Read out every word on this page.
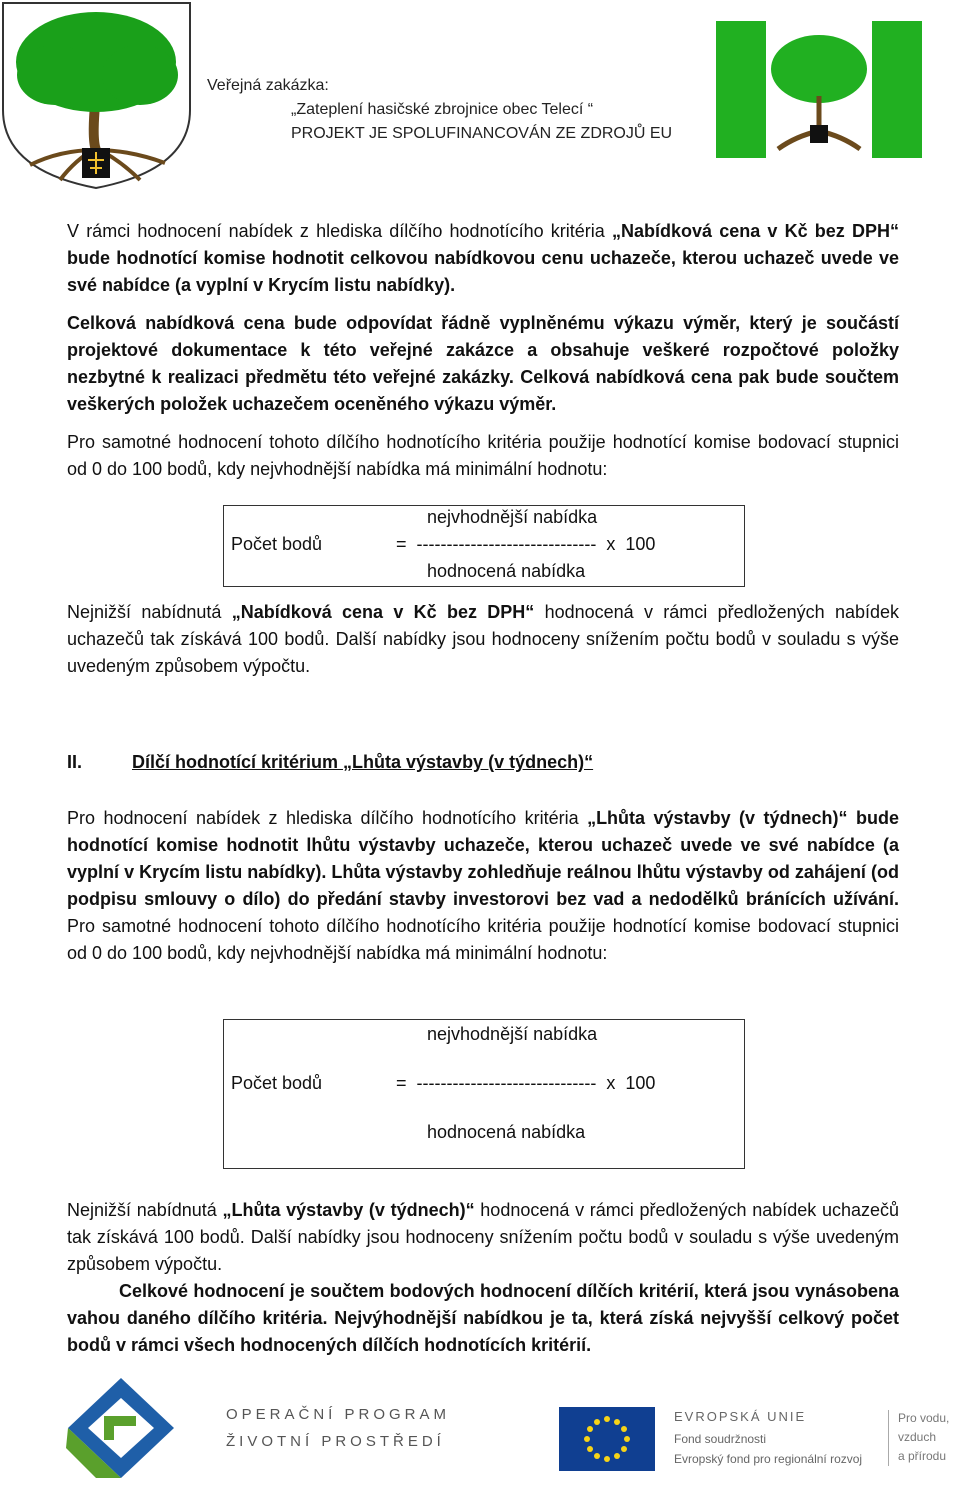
Veřejná zakázka:
„Zateplení hasičské zbrojnice obec Telecí “
PROJEKT JE SPOLUFINANCOVÁN ZE ZDROJŮ EU
V rámci hodnocení nabídek z hlediska dílčího hodnotícího kritéria „Nabídková cena v Kč bez DPH“ bude hodnotící komise hodnotit celkovou nabídkovou cenu uchazeče, kterou uchazeč uvede ve své nabídce (a vyplní v Krycím listu nabídky).
Celková nabídková cena bude odpovídat řádně vyplněnému výkazu výměr, který je součástí projektové dokumentace k této veřejné zakázce a obsahuje veškeré rozpočtové položky nezbytné k realizaci předmětu této veřejné zakázky. Celková nabídková cena pak bude součtem veškerých položek uchazečem oceněného výkazu výměr.
Pro samotné hodnocení tohoto dílčího hodnotícího kritéria použije hodnotící komise bodovací stupnici od 0 do 100 bodů, kdy nejvhodnější nabídka má minimální hodnotu:
nejvhodnější nabídka
Počet bodů	= ------------------------------ x 100
hodnocená nabídka
Nejnižší nabídnutá „Nabídková cena v Kč bez DPH“ hodnocená v rámci předložených nabídek uchazečů tak získává 100 bodů. Další nabídky jsou hodnoceny snížením počtu bodů v souladu s výše uvedeným způsobem výpočtu.
II.	Dílčí hodnotící kritérium „Lhůta výstavby (v týdnech)“
Pro hodnocení nabídek z hlediska dílčího hodnotícího kritéria „Lhůta výstavby (v týdnech)“ bude hodnotící komise hodnotit lhůtu výstavby uchazeče, kterou uchazeč uvede ve své nabídce (a vyplní v Krycím listu nabídky). Lhůta výstavby zohledňuje reálnou lhůtu výstavby od zahájení (od podpisu smlouvy o dílo) do předání stavby investorovi bez vad a nedodělků bránících užívání. Pro samotné hodnocení tohoto dílčího hodnotícího kritéria použije hodnotící komise bodovací stupnici od 0 do 100 bodů, kdy nejvhodnější nabídka má minimální hodnotu:
nejvhodnější nabídka
Počet bodů	= ------------------------------ x 100
hodnocená nabídka
Nejnižší nabídnutá „Lhůta výstavby (v týdnech)“ hodnocená v rámci předložených nabídek uchazečů tak získává 100 bodů. Další nabídky jsou hodnoceny snížením počtu bodů v souladu s výše uvedeným způsobem výpočtu.
Celkové hodnocení je součtem bodových hodnocení dílčích kritérií, která jsou vynásobena vahou daného dílčího kritéria. Nejvýhodnější nabídkou je ta, která získá nejvyšší celkový počet bodů v rámci všech hodnocených dílčích hodnotících kritérií.
OPERAČNÍ PROGRAM
ŽIVOTNÍ PROSTŘEDÍ
EVROPSKÁ UNIE
Fond soudržnosti
Evropský fond pro regionální rozvoj
Pro vodu,
vzduch
a přírodu
